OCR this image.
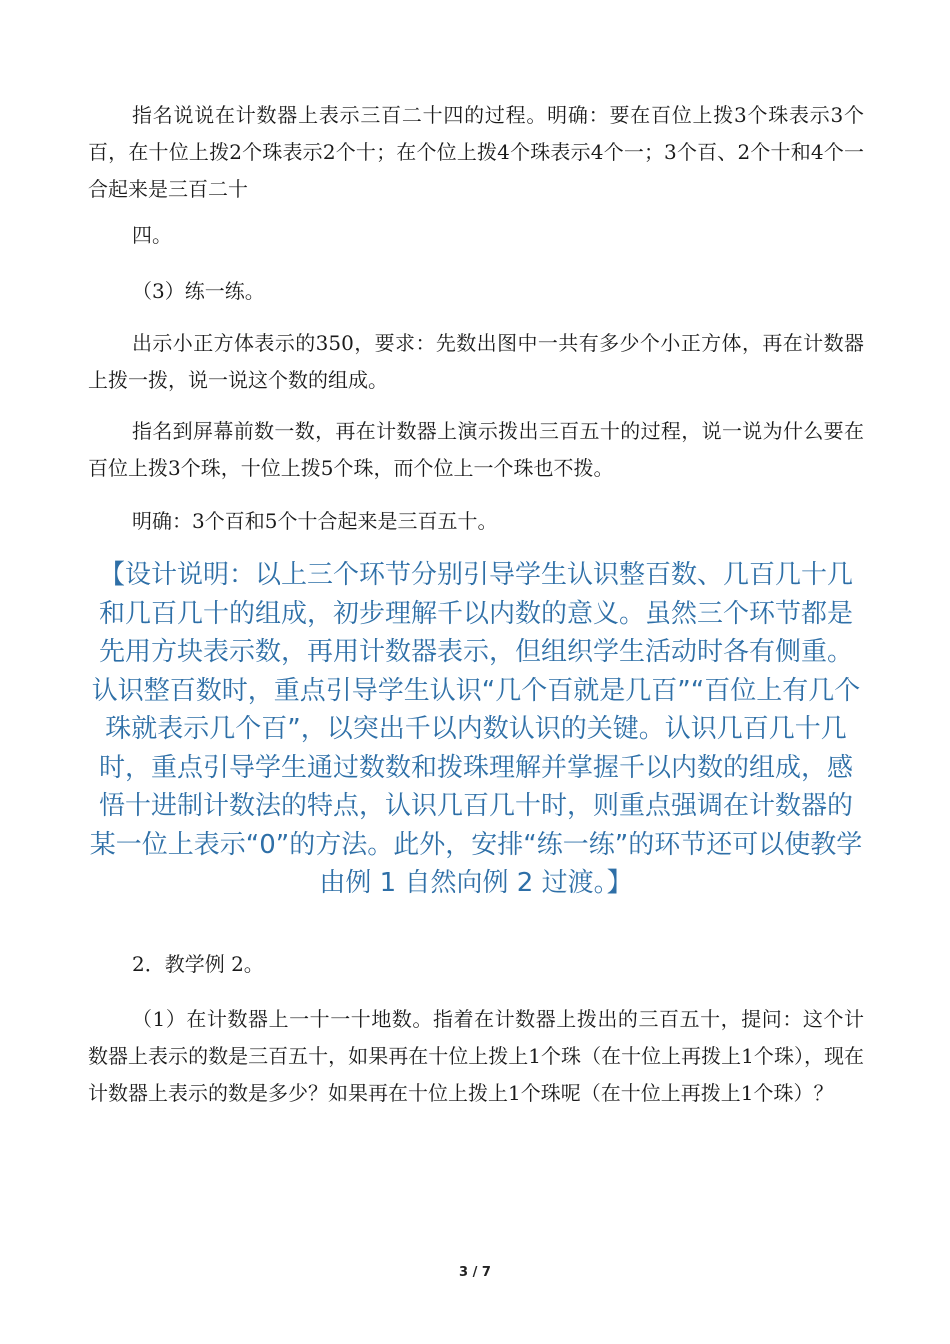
指名说说在计数器上表示三百二十四的过程。明确：要在百位上拨3个珠表示3个百，在十位上拨2个珠表示2个十；在个位上拨4个珠表示4个一；3个百、2个十和4个一合起来是三百二十

四。

（3）练一练。

出示小正方体表示的350，要求：先数出图中一共有多少个小正方体，再在计数器上拨一拨，说一说这个数的组成。

指名到屏幕前数一数，再在计数器上演示拨出三百五十的过程，说一说为什么要在百位上拨3个珠，十位上拨5个珠，而个位上一个珠也不拨。

明确：3个百和5个十合起来是三百五十。

【设计说明：以上三个环节分别引导学生认识整百数、几百几十几和几百几十的组成，初步理解千以内数的意义。虽然三个环节都是先用方块表示数，再用计数器表示，但组织学生活动时各有侧重。认识整百数时，重点引导学生认识“几个百就是几百”“百位上有几个珠就表示几个百”，以突出千以内数认识的关键。认识几百几十几时，重点引导学生通过数数和拨珠理解并掌握千以内数的组成，感悟十进制计数法的特点，认识几百几十时，则重点强调在计数器的某一位上表示“0”的方法。此外，安排“练一练”的环节还可以使教学由例 1 自然向例 2 过渡。】

2．教学例 2。

（1）在计数器上一十一十地数。指着在计数器上拨出的三百五十，提问：这个计数器上表示的数是三百五十，如果再在十位上拨上1个珠（在十位上再拨上1个珠），现在计数器上表示的数是多少？如果再在十位上拨上1个珠呢（在十位上再拨上1个珠）？

3 / 7
